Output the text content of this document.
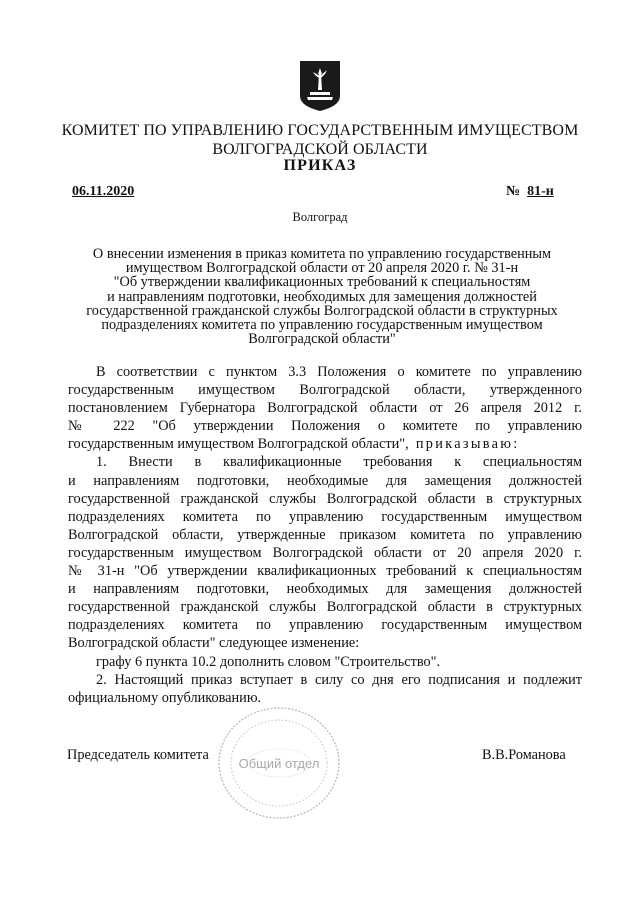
КОМИТЕТ ПО УПРАВЛЕНИЮ ГОСУДАРСТВЕННЫМ ИМУЩЕСТВОМ
ВОЛГОГРАДСКОЙ ОБЛАСТИ
ПРИКАЗ
06.11.2020	№ 81-н
Волгоград
О внесении изменения в приказ комитета по управлению государственным
имуществом Волгоградской области от 20 апреля 2020 г. № 31-н
"Об утверждении квалификационных требований к специальностям
и направлениям подготовки, необходимых для замещения должностей
государственной гражданской службы Волгоградской области в структурных
подразделениях комитета по управлению государственным имуществом
Волгоградской области"
В соответствии с пунктом 3.3 Положения о комитете по управлению
государственным имуществом Волгоградской области, утвержденного
постановлением Губернатора Волгоградской области от 26 апреля 2012 г.
№ 222 "Об утверждении Положения о комитете по управлению
государственным имуществом Волгоградской области", приказываю:
1. Внести в квалификационные требования к специальностям
и направлениям подготовки, необходимые для замещения должностей
государственной гражданской службы Волгоградской области в структурных
подразделениях комитета по управлению государственным имуществом
Волгоградской области, утвержденные приказом комитета по управлению
государственным имуществом Волгоградской области от 20 апреля 2020 г.
№ 31-н "Об утверждении квалификационных требований к специальностям
и направлениям подготовки, необходимых для замещения должностей
государственной гражданской службы Волгоградской области в структурных
подразделениях комитета по управлению государственным имуществом
Волгоградской области" следующее изменение:
графу 6 пункта 10.2 дополнить словом "Строительство".
2. Настоящий приказ вступает в силу со дня его подписания и подлежит
официальному опубликованию.
Председатель комитета	В.В.Романова
Общий отдел
